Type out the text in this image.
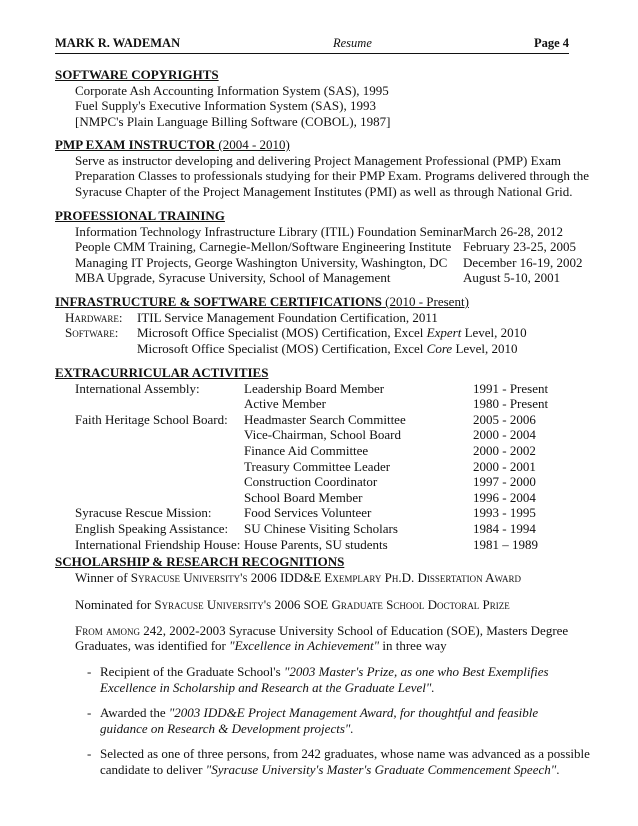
MARK R. WADEMAN	Resume	Page 4
SOFTWARE COPYRIGHTS
Corporate Ash Accounting Information System (SAS), 1995
Fuel Supply's Executive Information System (SAS), 1993
[NMPC's Plain Language Billing Software (COBOL), 1987]
PMP EXAM INSTRUCTOR (2004 - 2010)
Serve as instructor developing and delivering Project Management Professional (PMP) Exam
Preparation Classes to professionals studying for their PMP Exam. Programs delivered through the
Syracuse Chapter of the Project Management Institutes (PMI) as well as through National Grid.
PROFESSIONAL TRAINING
Information Technology Infrastructure Library (ITIL) Foundation Seminar March 26-28, 2012
People CMM Training, Carnegie-Mellon/Software Engineering Institute February 23-25, 2005
Managing IT Projects, George Washington University, Washington, DC December 16-19, 2002
MBA Upgrade, Syracuse University, School of Management	August 5-10, 2001
INFRASTRUCTURE & SOFTWARE CERTIFICATIONS (2010 - Present)
Hardware: ITIL Service Management Foundation Certification, 2011
Software: Microsoft Office Specialist (MOS) Certification, Excel Expert Level, 2010
Microsoft Office Specialist (MOS) Certification, Excel Core Level, 2010
EXTRACURRICULAR ACTIVITIES
International Assembly:	Leadership Board Member	1991 - Present
Active Member	1980 - Present
Faith Heritage School Board: Headmaster Search Committee	2005 - 2006
Vice-Chairman, School Board	2000 - 2004
Finance Aid Committee	2000 - 2002
Treasury Committee Leader	2000 - 2001
Construction Coordinator	1997 - 2000
School Board Member	1996 - 2004
Syracuse Rescue Mission:	Food Services Volunteer	1993 - 1995
English Speaking Assistance: SU Chinese Visiting Scholars	1984 - 1994
International Friendship House: House Parents, SU students	1981 – 1989
SCHOLARSHIP & RESEARCH RECOGNITIONS
Winner of Syracuse University's 2006 IDD&E Exemplary Ph.D. Dissertation Award
Nominated for Syracuse University's 2006 SOE Graduate School Doctoral Prize
From among 242, 2002-2003 Syracuse University School of Education (SOE), Masters Degree
Graduates, was identified for "Excellence in Achievement" in three way
- Recipient of the Graduate School's "2003 Master's Prize, as one who Best Exemplifies
Excellence in Scholarship and Research at the Graduate Level".
- Awarded the "2003 IDD&E Project Management Award, for thoughtful and feasible
guidance on Research & Development projects".
- Selected as one of three persons, from 242 graduates, whose name was advanced as a possible
candidate to deliver "Syracuse University's Master's Graduate Commencement Speech".
